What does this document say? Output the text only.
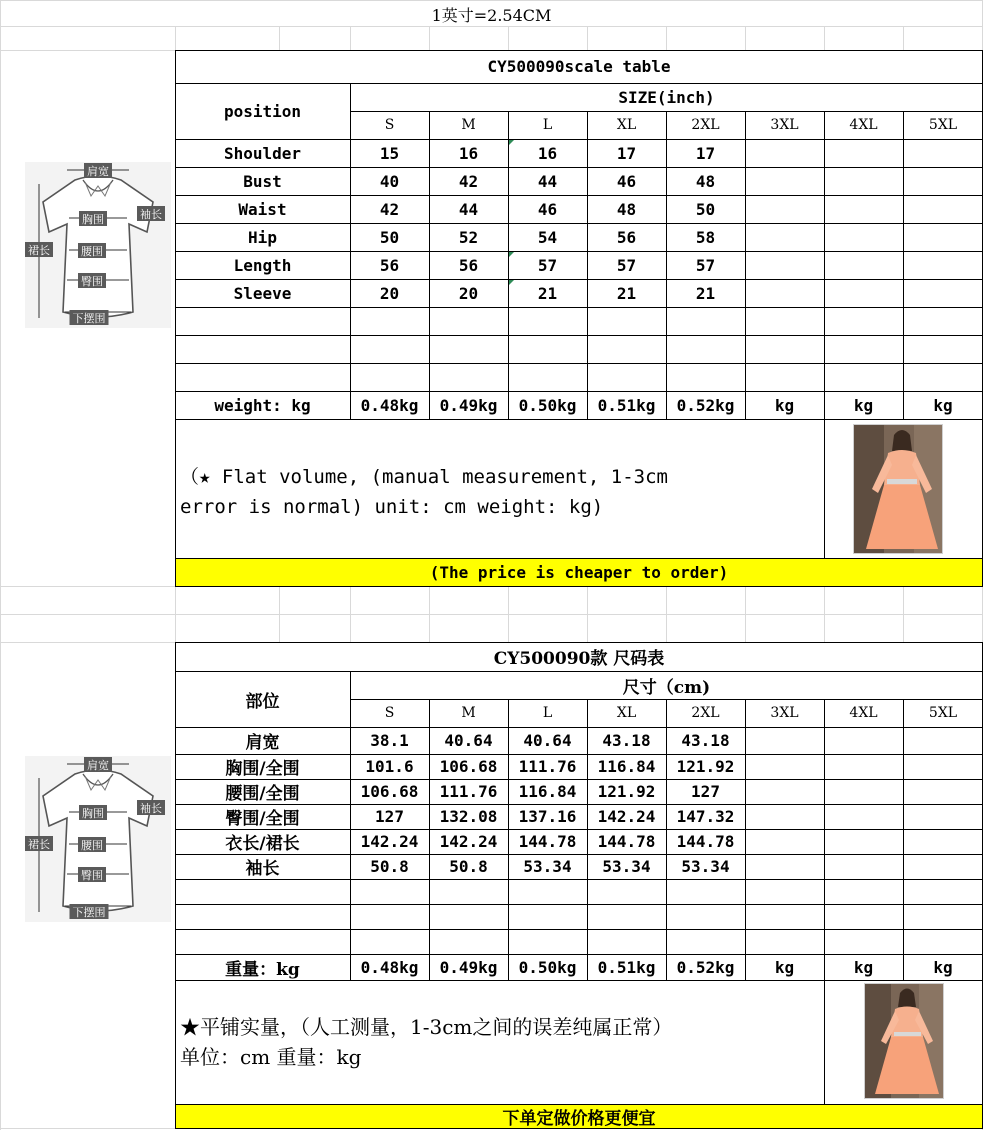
1英寸=2.54CM
CY500090scale table
position
SIZE(inch)
S	M	L	XL	2XL	3XL	4XL	5XL
Shoulder	15	16	16	17	17
Bust	40	42	44	46	48
Waist	42	44	46	48	50
Hip	50	52	54	56	58
Length	56	56	57	57	57
Sleeve	20	20	21	21	21
weight: kg	0.48kg	0.49kg	0.50kg	0.51kg	0.52kg	kg	kg	kg
（★ Flat volume, (manual measurement, 1-3cm
error is normal) unit: cm weight: kg)
(The price is cheaper to order)
CY500090款 尺码表
部位
尺寸（cm)
S	M	L	XL	2XL	3XL	4XL	5XL
肩宽	38.1	40.64	40.64	43.18	43.18
胸围/全围	101.6	106.68	111.76	116.84	121.92
腰围/全围	106.68	111.76	116.84	121.92	127
臀围/全围	127	132.08	137.16	142.24	147.32
衣长/裙长	142.24	142.24	144.78	144.78	144.78
袖长	50.8	50.8	53.34	53.34	53.34
重量：kg	0.48kg	0.49kg	0.50kg	0.51kg	0.52kg	kg	kg	kg
★平铺实量，（人工测量，1-3cm之间的误差纯属正常）
单位：cm 重量：kg
下单定做价格更便宜
肩宽
袖长
胸围
裙长	腰围
臀围
下摆围
肩宽
袖长
胸围
裙长	腰围
臀围
下摆围
